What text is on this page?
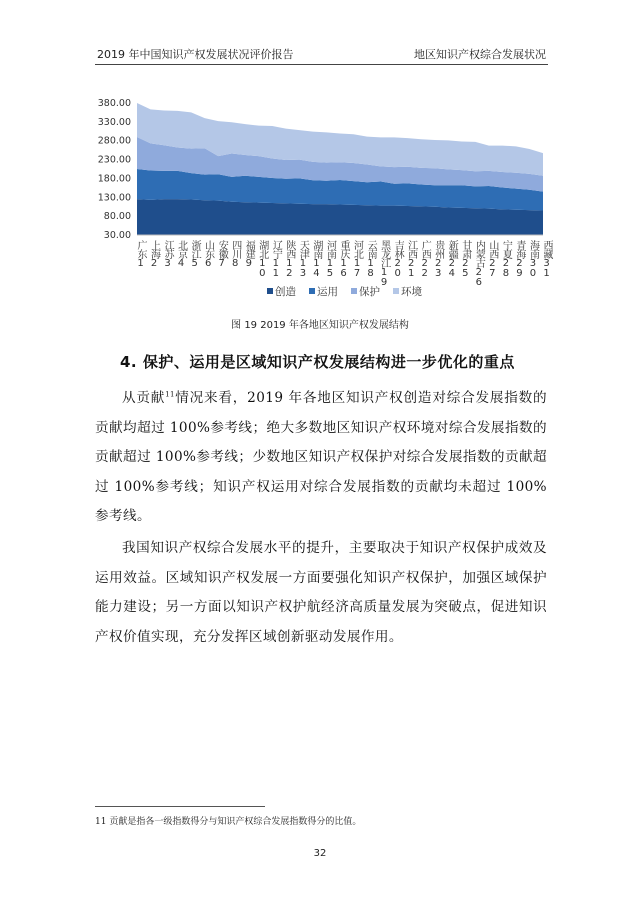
2019 年中国知识产权发展状况评价报告	地区知识产权综合发展状况
30.00
80.00
130.00
180.00
230.00
280.00
330.00
380.00
广东1 上海2 江苏3 北京4 浙江5 山东6 安徽7 四川8 福建9 湖北10 辽宁11 陕西12 天津13 湖南14 河南15 重庆16 河北17 云南18 黑龙江19 吉林20 江西21 广西22 贵州23 新疆24 甘肃25 内蒙古26 山西27 宁夏28 青海29 海南30 西藏31
创造 运用 保护 环境
图 19 2019 年各地区知识产权发展结构
4. 保护、运用是区域知识产权发展结构进一步优化的重点
从贡献$^{11}$情况来看，2019 年各地区知识产权创造对综合发展指数的贡献均超过 100%参考线；绝大多数地区知识产权环境对综合发展指数的贡献超过 100%参考线；少数地区知识产权保护对综合发展指数的贡献超过 100%参考线；知识产权运用对综合发展指数的贡献均未超过 100%参考线。
我国知识产权综合发展水平的提升，主要取决于知识产权保护成效及运用效益。区域知识产权发展一方面要强化知识产权保护，加强区域保护能力建设；另一方面以知识产权护航经济高质量发展为突破点，促进知识产权价值实现，充分发挥区域创新驱动发展作用。
11 贡献是指各一级指数得分与知识产权综合发展指数得分的比值。
32
